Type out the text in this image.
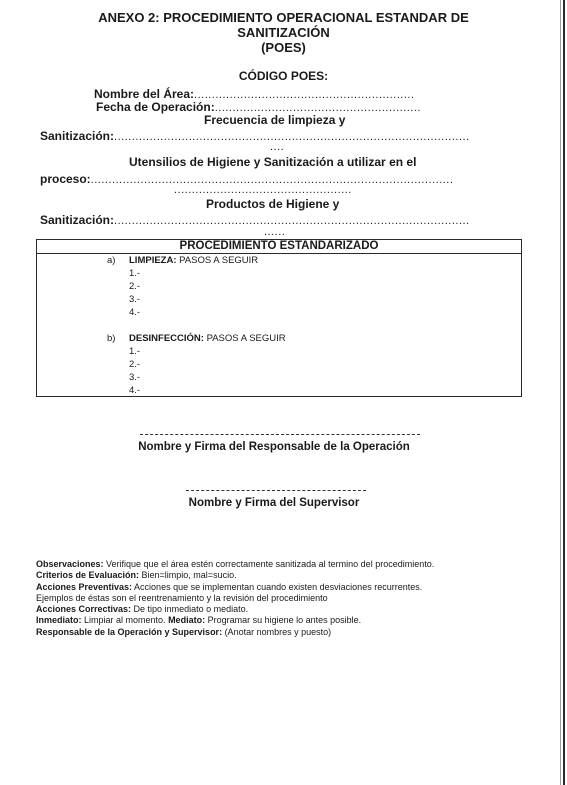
ANEXO 2: PROCEDIMIENTO OPERACIONAL ESTANDAR DE
SANITIZACIÓN
(POES)
CÓDIGO POES:
Nombre del Área:..............................................................
Fecha de Operación:..........................................................
Frecuencia de limpieza y
Sanitización:....................................................................................................
....
Utensilios de Higiene y Sanitización a utilizar en el
proceso:......................................................................................................
..................................................
Productos de Higiene y
Sanitización:....................................................................................................
......
PROCEDIMIENTO ESTANDARIZADO
a) LIMPIEZA: PASOS A SEGUIR
1.-
2.-
3.-
4.-
b) DESINFECCIÓN: PASOS A SEGUIR
1.-
2.-
3.-
4.-
Nombre y Firma del Responsable de la Operación
Nombre y Firma del Supervisor
Observaciones: Verifique que el área estén correctamente sanitizada al termino del procedimiento.
Criterios de Evaluación: Bien=limpio, mal=sucio.
Acciones Preventivas: Acciones que se implementan cuando existen desviaciones recurrentes.
Ejemplos de éstas son el reentrenamiento y la revisión del procedimiento
Acciones Correctivas: De tipo inmediato o mediato.
Inmediato: Limpiar al momento. Mediato: Programar su higiene lo antes posible.
Responsable de la Operación y Supervisor: (Anotar nombres y puesto)
